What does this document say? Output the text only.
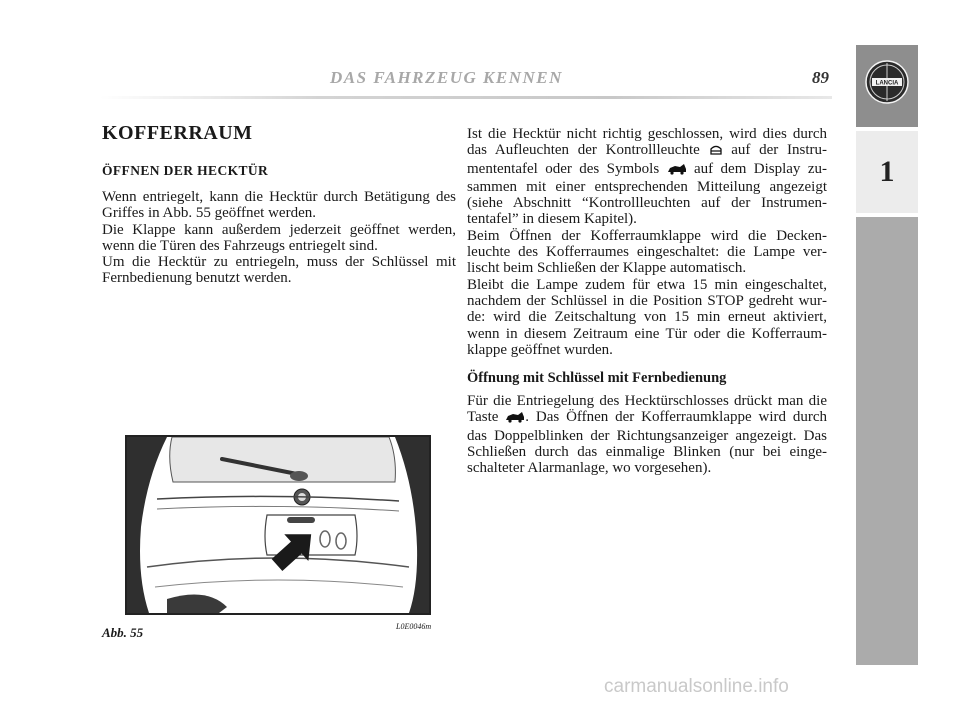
DAS FAHRZEUG KENNEN	89	LANCIA
1
KOFFERRAUM
ÖFFNEN DER HECKTÜR

Wenn entriegelt, kann die Hecktür durch Betätigung des Griffes in Abb. 55 geöffnet werden.

Die Klappe kann außerdem jederzeit geöffnet werden, wenn die Türen des Fahrzeugs entriegelt sind.

Um die Hecktür zu entriegeln, muss der Schlüssel mit Fernbedienung benutzt werden.

Abb. 55	L0E0046m

Ist die Hecktür nicht richtig geschlossen, wird dies durch das Aufleuchten der Kontrollleuchte auf der Instrumententafel oder des Symbols auf dem Display zusammen mit einer entsprechenden Mitteilung angezeigt (siehe Abschnitt “Kontrollleuchten auf der Instrumententafel” in diesem Kapitel).

Beim Öffnen der Kofferraumklappe wird die Deckenleuchte des Kofferraumes eingeschaltet: die Lampe verlischt beim Schließen der Klappe automatisch.

Bleibt die Lampe zudem für etwa 15 min eingeschaltet, nachdem der Schlüssel in die Position STOP gedreht wurde: wird die Zeitschaltung von 15 min erneut aktiviert, wenn in diesem Zeitraum eine Tür oder die Kofferraumklappe geöffnet wurden.

Öffnung mit Schlüssel mit Fernbedienung

Für die Entriegelung des Hecktürschlosses drückt man die Taste . Das Öffnen der Kofferraumklappe wird durch das Doppelblinken der Richtungsanzeiger angezeigt. Das Schließen durch das einmalige Blinken (nur bei eingeschalteter Alarmanlage, wo vorgesehen).

carmanualsonline.info
